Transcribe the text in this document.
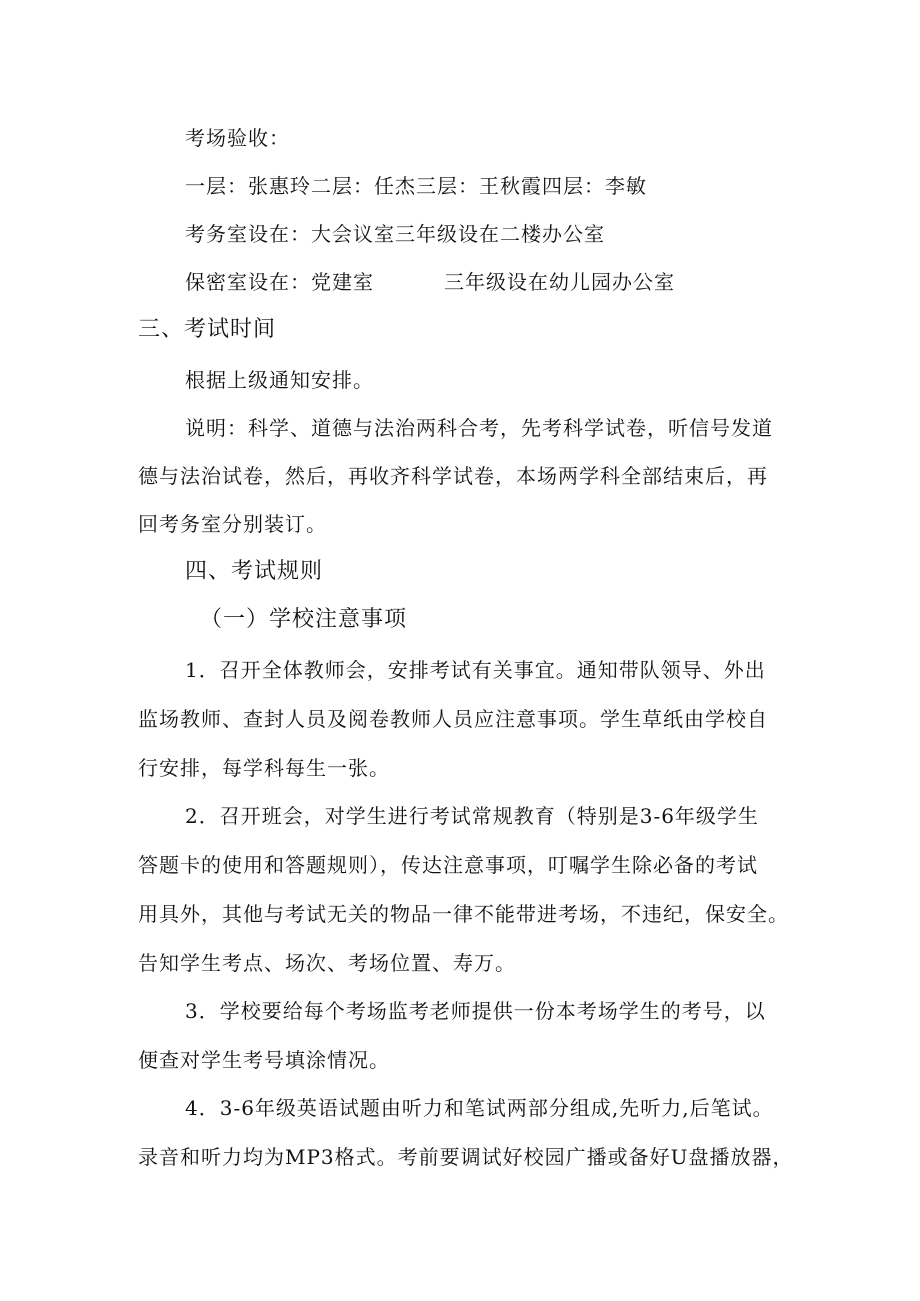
考场验收：
一层：张惠玲二层：任杰三层：王秋霞四层：李敏
考务室设在：大会议室三年级设在二楼办公室
保密室设在：党建室	三年级设在幼儿园办公室
三、考试时间
根据上级通知安排。
说明：科学、道德与法治两科合考，先考科学试卷，听信号发道
德与法治试卷，然后，再收齐科学试卷，本场两学科全部结束后，再
回考务室分别装订。
四、考试规则
（一）学校注意事项
1．召开全体教师会，安排考试有关事宜。通知带队领导、外出
监场教师、查封人员及阅卷教师人员应注意事项。学生草纸由学校自
行安排，每学科每生一张。
2．召开班会，对学生进行考试常规教育（特别是3-6年级学生
答题卡的使用和答题规则），传达注意事项，叮嘱学生除必备的考试
用具外，其他与考试无关的物品一律不能带进考场，不违纪，保安全。
告知学生考点、场次、考场位置、寿万。
3．学校要给每个考场监考老师提供一份本考场学生的考号，以
便查对学生考号填涂情况。
4．3-6年级英语试题由听力和笔试两部分组成,先听力,后笔试。
录音和听力均为MP3格式。考前要调试好校园广播或备好U盘播放器，
